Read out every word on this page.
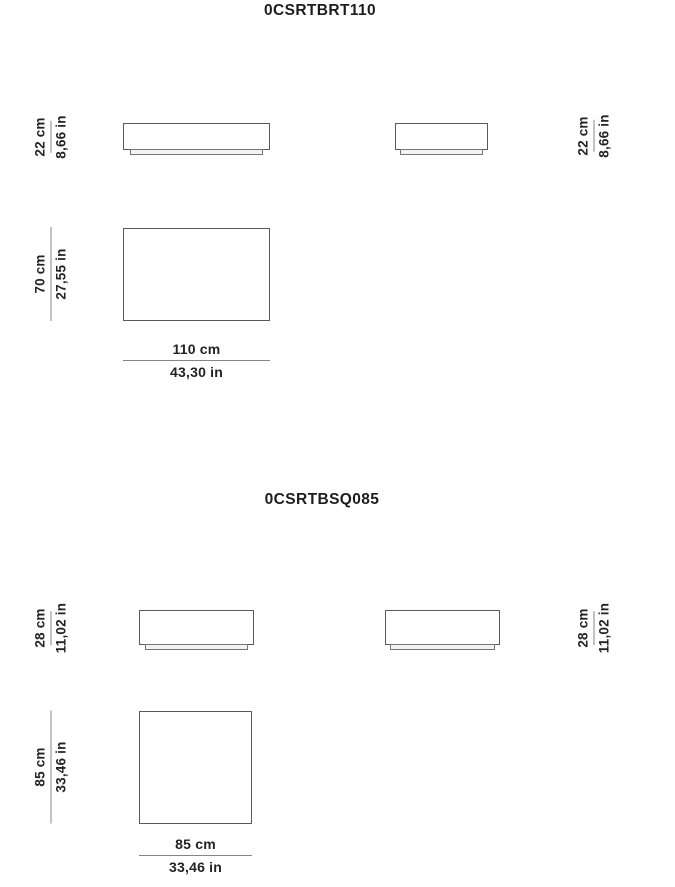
0CSRTBRT110
22 cm 8,66 in	22 cm 8,66 in
70 cm 27,55 in
110 cm
43,30 in
0CSRTBSQ085
28 cm 11,02 in	28 cm 11,02 in
85 cm 33,46 in
85 cm
33,46 in
